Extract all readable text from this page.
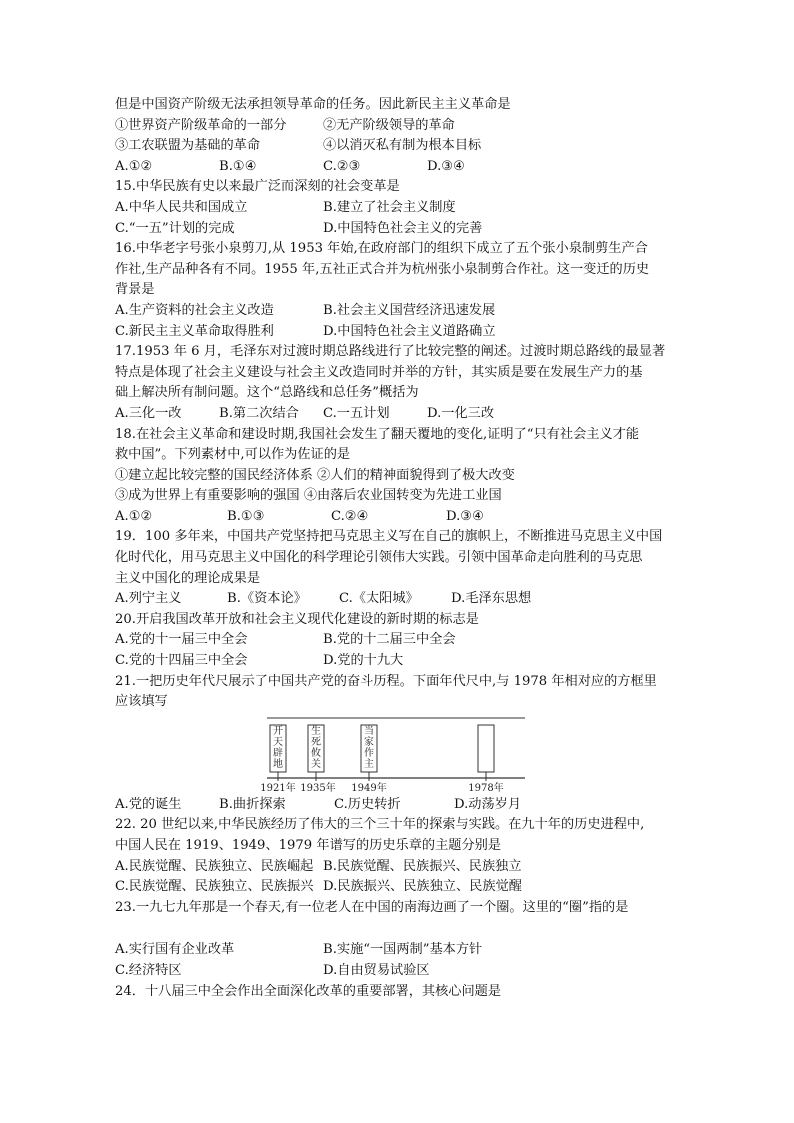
但是中国资产阶级无法承担领导革命的任务。因此新民主主义革命是
①世界资产阶级革命的一部分	②无产阶级领导的革命
③工农联盟为基础的革命	④以消灭私有制为根本目标
A.①②	B.①④	C.②③	D.③④
15.中华民族有史以来最广泛而深刻的社会变革是
A.中华人民共和国成立	B.建立了社会主义制度
C.“一五”计划的完成	D.中国特色社会主义的完善
16.中华老字号张小泉剪刀,从 1953 年始,在政府部门的组织下成立了五个张小泉制剪生产合
作社,生产品种各有不同。1955 年,五社正式合并为杭州张小泉制剪合作社。这一变迁的历史
背景是
A.生产资料的社会主义改造	B.社会主义国营经济迅速发展
C.新民主主义革命取得胜利	D.中国特色社会主义道路确立
17.1953 年 6 月，毛泽东对过渡时期总路线进行了比较完整的阐述。过渡时期总路线的最显著
特点是体现了社会主义建设与社会主义改造同时并举的方针，其实质是要在发展生产力的基
础上解决所有制问题。这个“总路线和总任务”概括为
A.三化一改	B.第二次结合	C.一五计划	D.一化三改
18.在社会主义革命和建设时期,我国社会发生了翻天覆地的变化,证明了“只有社会主义才能
救中国”。下列素材中,可以作为佐证的是
①建立起比较完整的国民经济体系 ②人们的精神面貌得到了极大改变
③成为世界上有重要影响的强国 ④由落后农业国转变为先进工业国
A.①②	B.①③	C.②④	D.③④
19．100 多年来，中国共产党坚持把马克思主义写在自己的旗帜上，不断推进马克思主义中国
化时代化，用马克思主义中国化的科学理论引领伟大实践。引领中国革命走向胜利的马克思
主义中国化的理论成果是
A.列宁主义	B.《资本论》	C.《太阳城》	D.毛泽东思想
20.开启我国改革开放和社会主义现代化建设的新时期的标志是
A.党的十一届三中全会	B.党的十二届三中全会
C.党的十四届三中全会	D.党的十九大
21.一把历史年代尺展示了中国共产党的奋斗历程。下面年代尺中,与 1978 年相对应的方框里
应该填写
开
天
辟
地
生
死
攸
关
当
家
作
主
1921年 1935年 1949年	1978年
A.党的诞生	B.曲折探索	C.历史转折	D.动荡岁月
22. 20 世纪以来,中华民族经历了伟大的三个三十年的探索与实践。在九十年的历史进程中,
中国人民在 1919、1949、1979 年谱写的历史乐章的主题分别是
A.民族觉醒、民族独立、民族崛起 B.民族觉醒、民族振兴、民族独立
C.民族觉醒、民族独立、民族振兴 D.民族振兴、民族独立、民族觉醒
23.一九七九年那是一个春天,有一位老人在中国的南海边画了一个圈。这里的“圈”指的是
A.实行国有企业改革	B.实施“一国两制”基本方针
C.经济特区	D.自由贸易试验区
24．十八届三中全会作出全面深化改革的重要部署，其核心问题是
